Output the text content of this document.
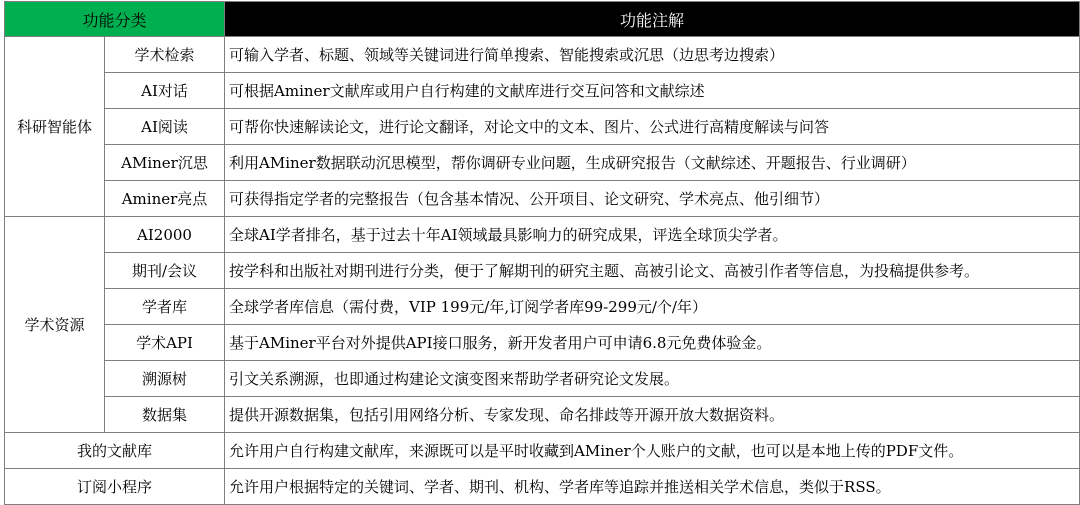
功能分类		功能注解
科研智能体	学术检索	可输入学者、标题、领域等关键词进行简单搜索、智能搜索或沉思（边思考边搜索）
	AI对话	可根据Aminer文献库或用户自行构建的文献库进行交互问答和文献综述
	AI阅读	可帮你快速解读论文，进行论文翻译，对论文中的文本、图片、公式进行高精度解读与问答
	AMiner沉思	利用AMiner数据联动沉思模型，帮你调研专业问题，生成研究报告（文献综述、开题报告、行业调研）
	Aminer亮点	可获得指定学者的完整报告（包含基本情况、公开项目、论文研究、学术亮点、他引细节）
学术资源	AI2000	全球AI学者排名，基于过去十年AI领域最具影响力的研究成果，评选全球顶尖学者。
	期刊/会议	按学科和出版社对期刊进行分类，便于了解期刊的研究主题、高被引论文、高被引作者等信息，为投稿提供参考。
	学者库	全球学者库信息（需付费，VIP 199元/年,订阅学者库99-299元/个/年）
	学术API	基于AMiner平台对外提供API接口服务，新开发者用户可申请6.8元免费体验金。
	溯源树	引文关系溯源，也即通过构建论文演变图来帮助学者研究论文发展。
	数据集	提供开源数据集，包括引用网络分析、专家发现、命名排歧等开源开放大数据资料。
我的文献库		允许用户自行构建文献库，来源既可以是平时收藏到AMiner个人账户的文献，也可以是本地上传的PDF文件。
订阅小程序		允许用户根据特定的关键词、学者、期刊、机构、学者库等追踪并推送相关学术信息，类似于RSS。
